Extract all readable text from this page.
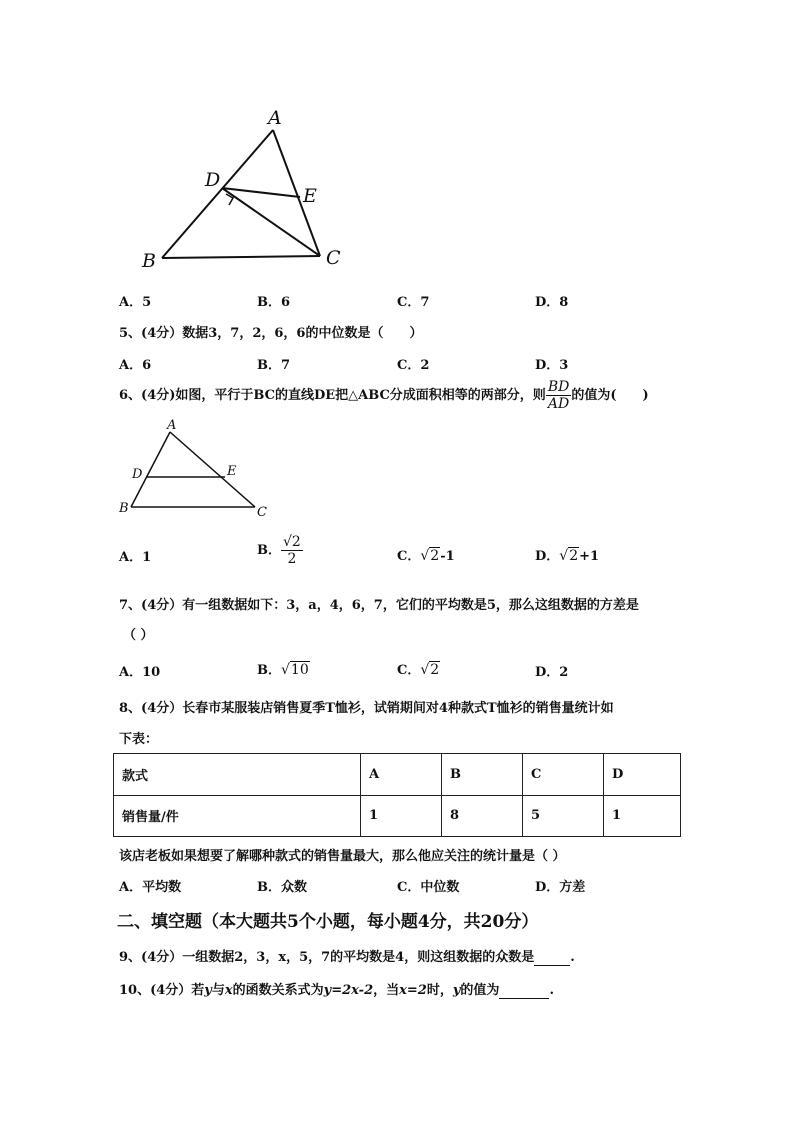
A
D
E
B	C
A．5	B．6	C．7	D．8
5、(4分）数据3，7，2，6，6的中位数是（　　）
A．6	B．7	C．2	D．3
6、(4分)如图，平行于BC的直线DE把△ABC分成面积相等的两部分，则 $\frac{BD}{AD}$ 的值为(　　)
A
D	E
B	C
A．1	B． $\frac{√2}{2}$	C．√2-1	D．√2+1
7、(4分）有一组数据如下：3，a，4，6，7，它们的平均数是5，那么这组数据的方差是
（ ）
A．10	B．√10	C．√2	D．2
8、(4分）长春市某服装店销售夏季T恤衫，试销期间对4种款式T恤衫的销售量统计如
下表：
款式	A	B	C	D
销售量/件	1	8	5	1
该店老板如果想要了解哪种款式的销售量最大，那么他应关注的统计量是（ ）
A．平均数	B．众数	C．中位数	D．方差
二、填空题（本大题共5个小题，每小题4分，共20分）
9、(4分）一组数据2，3，x，5，7的平均数是4，则这组数据的众数是	.
10、(4分）若y与x的函数关系式为y=2x-2，当x=2时，y的值为	.
